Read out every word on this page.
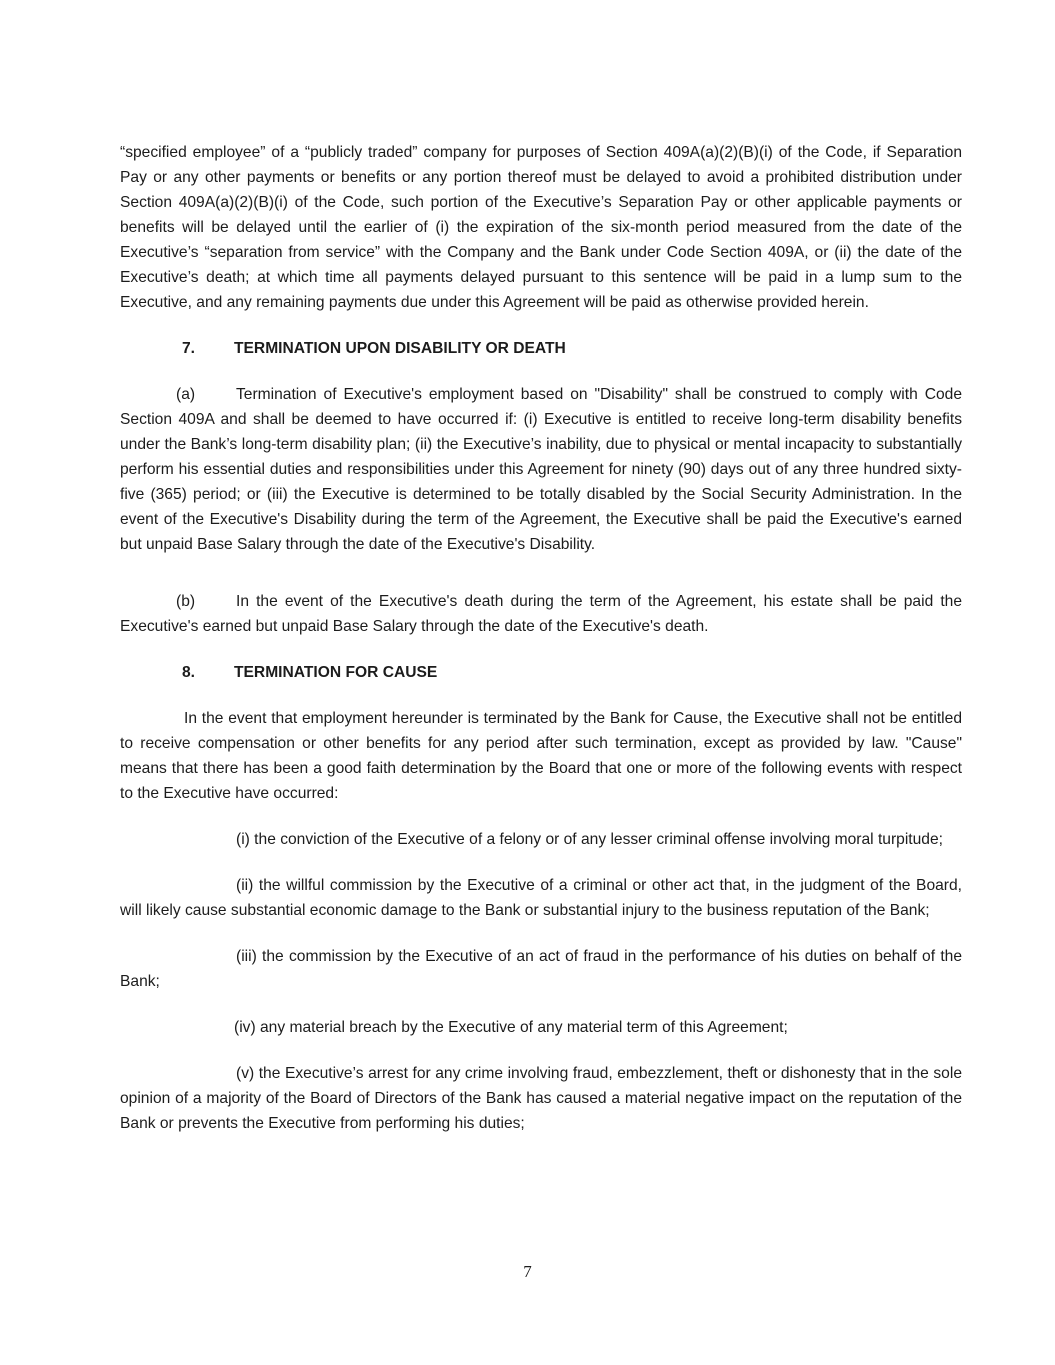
“specified employee” of a “publicly traded” company for purposes of Section 409A(a)(2)(B)(i) of the Code, if Separation Pay or any other payments or benefits or any portion thereof must be delayed to avoid a prohibited distribution under Section 409A(a)(2)(B)(i) of the Code, such portion of the Executive’s Separation Pay or other applicable payments or benefits will be delayed until the earlier of (i) the expiration of the six-month period measured from the date of the Executive’s “separation from service” with the Company and the Bank under Code Section 409A, or (ii) the date of the Executive’s death; at which time all payments delayed pursuant to this sentence will be paid in a lump sum to the Executive, and any remaining payments due under this Agreement will be paid as otherwise provided herein.

7. TERMINATION UPON DISABILITY OR DEATH

(a)	Termination of Executive's employment based on "Disability" shall be construed to comply with Code Section 409A and shall be deemed to have occurred if: (i) Executive is entitled to receive long-term disability benefits under the Bank’s long-term disability plan; (ii) the Executive’s inability, due to physical or mental incapacity to substantially perform his essential duties and responsibilities under this Agreement for ninety (90) days out of any three hundred sixty-five (365) period; or (iii) the Executive is determined to be totally disabled by the Social Security Administration. In the event of the Executive's Disability during the term of the Agreement, the Executive shall be paid the Executive's earned but unpaid Base Salary through the date of the Executive's Disability.

(b)	In the event of the Executive's death during the term of the Agreement, his estate shall be paid the Executive's earned but unpaid Base Salary through the date of the Executive's death.

8. TERMINATION FOR CAUSE

In the event that employment hereunder is terminated by the Bank for Cause, the Executive shall not be entitled to receive compensation or other benefits for any period after such termination, except as provided by law. "Cause" means that there has been a good faith determination by the Board that one or more of the following events with respect to the Executive have occurred:

(i) the conviction of the Executive of a felony or of any lesser criminal offense involving moral turpitude;

(ii) the willful commission by the Executive of a criminal or other act that, in the judgment of the Board, will likely cause substantial economic damage to the Bank or substantial injury to the business reputation of the Bank;

(iii) the commission by the Executive of an act of fraud in the performance of his duties on behalf of the Bank;

(iv) any material breach by the Executive of any material term of this Agreement;

(v) the Executive’s arrest for any crime involving fraud, embezzlement, theft or dishonesty that in the sole opinion of a majority of the Board of Directors of the Bank has caused a material negative impact on the reputation of the Bank or prevents the Executive from performing his duties;

7
